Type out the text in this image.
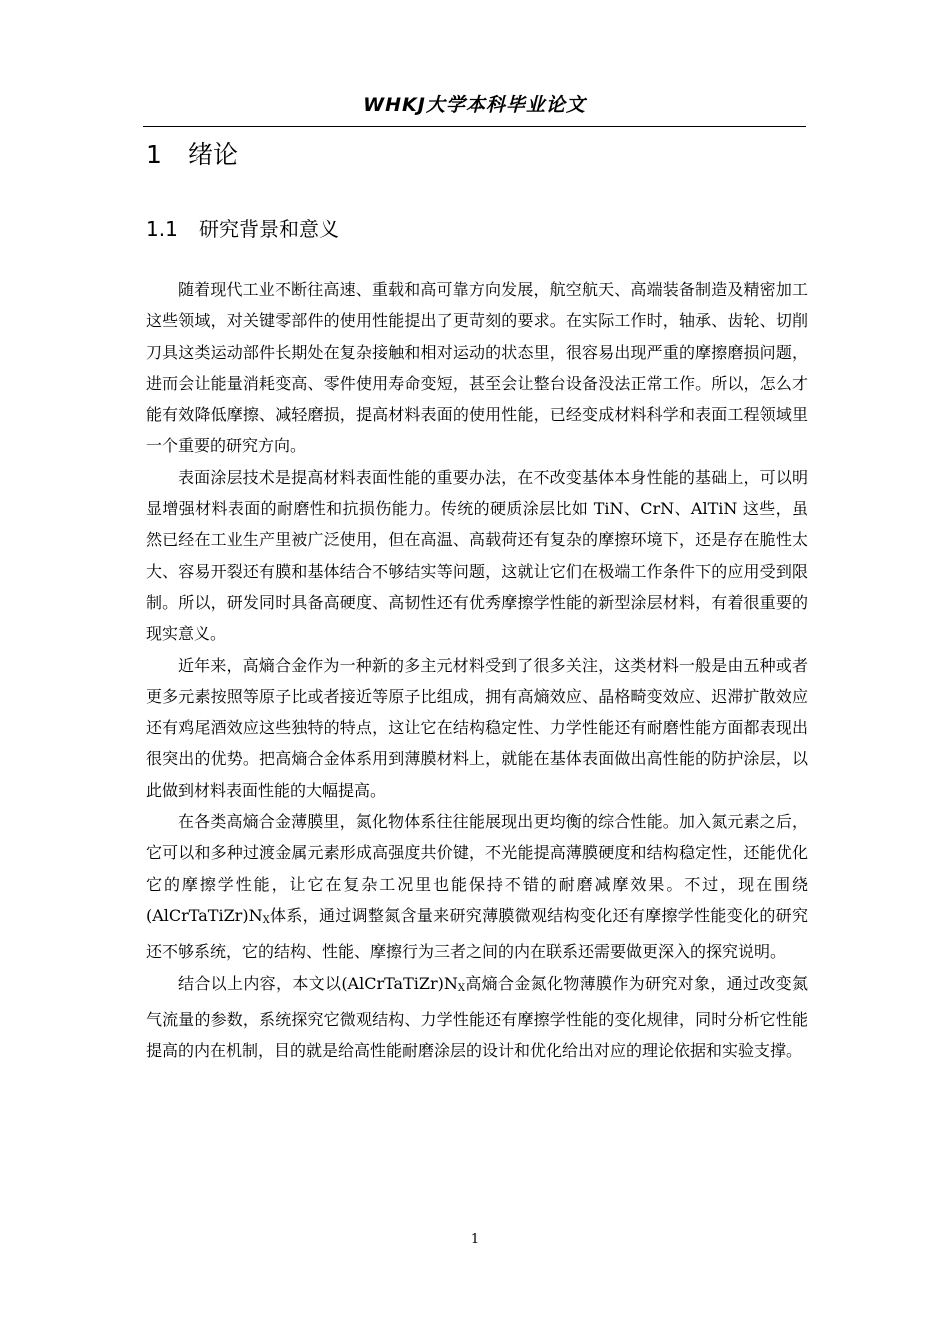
WHKJ大学本科毕业论文
1 绪论
1.1 研究背景和意义

随着现代工业不断往高速、重载和高可靠方向发展，航空航天、高端装备制造及精密加工这些领域，对关键零部件的使用性能提出了更苛刻的要求。在实际工作时，轴承、齿轮、切削刀具这类运动部件长期处在复杂接触和相对运动的状态里，很容易出现严重的摩擦磨损问题，进而会让能量消耗变高、零件使用寿命变短，甚至会让整台设备没法正常工作。所以，怎么才能有效降低摩擦、减轻磨损，提高材料表面的使用性能，已经变成材料科学和表面工程领域里一个重要的研究方向。

表面涂层技术是提高材料表面性能的重要办法，在不改变基体本身性能的基础上，可以明显增强材料表面的耐磨性和抗损伤能力。传统的硬质涂层比如 TiN、CrN、AlTiN 这些，虽然已经在工业生产里被广泛使用，但在高温、高载荷还有复杂的摩擦环境下，还是存在脆性太大、容易开裂还有膜和基体结合不够结实等问题，这就让它们在极端工作条件下的应用受到限制。所以，研发同时具备高硬度、高韧性还有优秀摩擦学性能的新型涂层材料，有着很重要的现实意义。

近年来，高熵合金作为一种新的多主元材料受到了很多关注，这类材料一般是由五种或者更多元素按照等原子比或者接近等原子比组成，拥有高熵效应、晶格畸变效应、迟滞扩散效应还有鸡尾酒效应这些独特的特点，这让它在结构稳定性、力学性能还有耐磨性能方面都表现出很突出的优势。把高熵合金体系用到薄膜材料上，就能在基体表面做出高性能的防护涂层，以此做到材料表面性能的大幅提高。

在各类高熵合金薄膜里，氮化物体系往往能展现出更均衡的综合性能。加入氮元素之后，它可以和多种过渡金属元素形成高强度共价键，不光能提高薄膜硬度和结构稳定性，还能优化它的摩擦学性能，让它在复杂工况里也能保持不错的耐磨减摩效果。不过，现在围绕$(AlCrTaTiZr)N_X$体系，通过调整氮含量来研究薄膜微观结构变化还有摩擦学性能变化的研究还不够系统，它的结构、性能、摩擦行为三者之间的内在联系还需要做更深入的探究说明。

结合以上内容，本文以$(AlCrTaTiZr)N_X$高熵合金氮化物薄膜作为研究对象，通过改变氮气流量的参数，系统探究它微观结构、力学性能还有摩擦学性能的变化规律，同时分析它性能提高的内在机制，目的就是给高性能耐磨涂层的设计和优化给出对应的理论依据和实验支撑。

1
